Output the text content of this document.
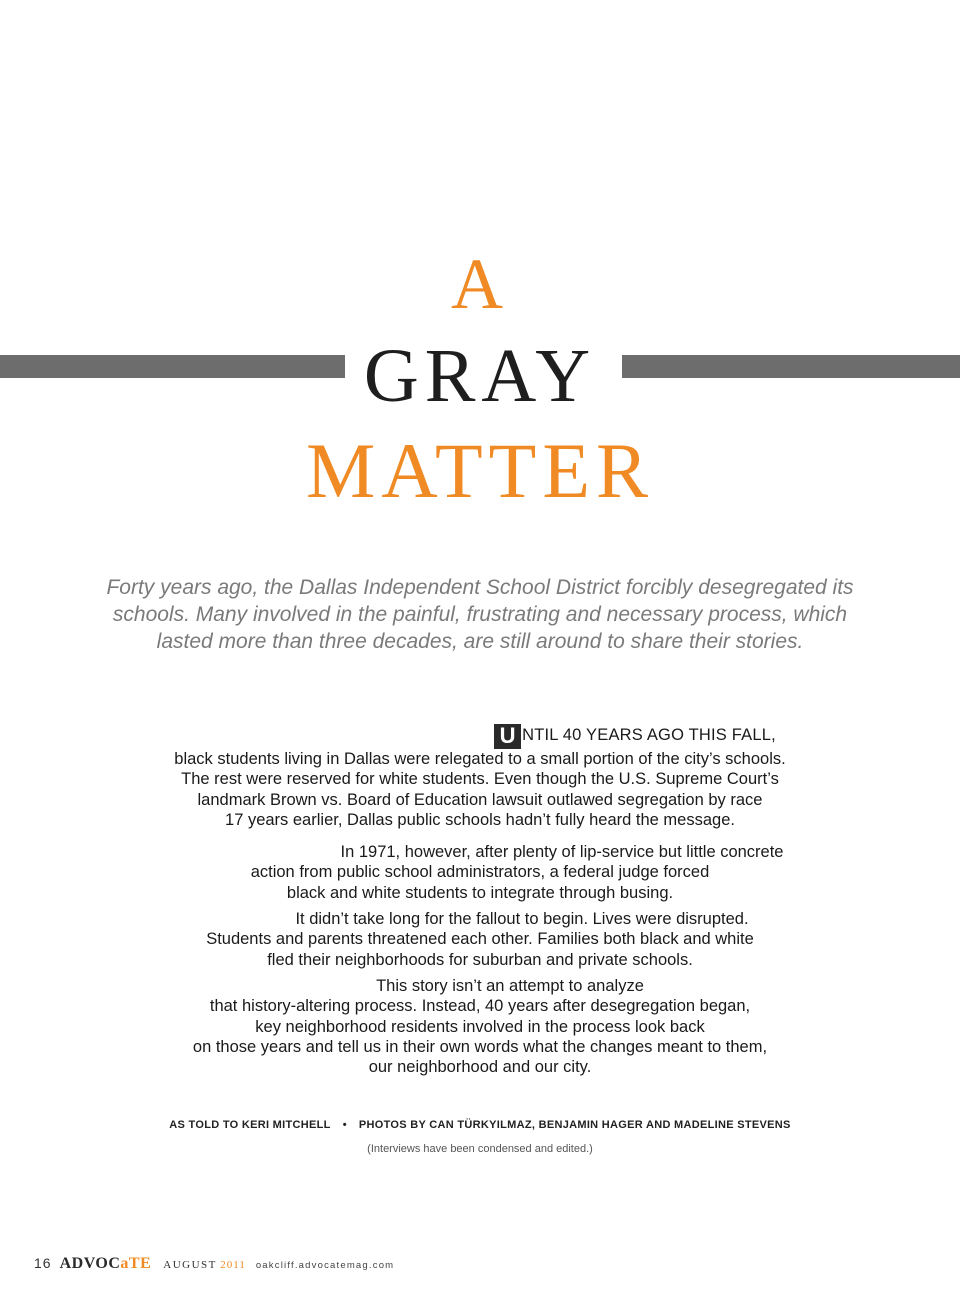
A
GRAY
MATTER
Forty years ago, the Dallas Independent School District forcibly desegregated its schools. Many involved in the painful, frustrating and necessary process, which lasted more than three decades, are still around to share their stories.
U NTIL 40 YEARS AGO THIS FALL,
black students living in Dallas were relegated to a small portion of the city’s schools.
The rest were reserved for white students. Even though the U.S. Supreme Court’s
landmark Brown vs. Board of Education lawsuit outlawed segregation by race
17 years earlier, Dallas public schools hadn’t fully heard the message.
In 1971, however, after plenty of lip-service but little concrete
action from public school administrators, a federal judge forced
black and white students to integrate through busing.
It didn’t take long for the fallout to begin. Lives were disrupted.
Students and parents threatened each other. Families both black and white
fled their neighborhoods for suburban and private schools.
This story isn’t an attempt to analyze
that history-altering process. Instead, 40 years after desegregation began,
key neighborhood residents involved in the process look back
on those years and tell us in their own words what the changes meant to them,
our neighborhood and our city.
AS TOLD TO KERI MITCHELL • PHOTOS BY CAN TÜRKYILMAZ, BENJAMIN HAGER AND MADELINE STEVENS
(Interviews have been condensed and edited.)
16 ADVOCaTE AUGUST 2011 oakcliff.advocatemag.com
